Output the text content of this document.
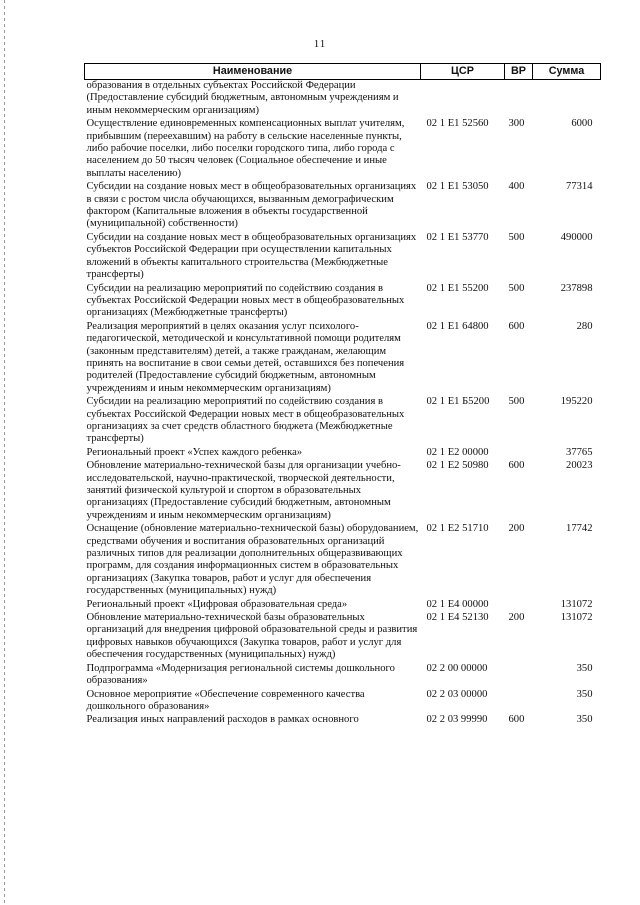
11
Наименование	ЦСР	ВР	Сумма
образования в отдельных субъектах Российской Федерации (Предоставление субсидий бюджетным, автономным учреждениям и иным некоммерческим организациям)			
Осуществление единовременных компенсационных выплат учителям, прибывшим (переехавшим) на работу в сельские населенные пункты, либо рабочие поселки, либо поселки городского типа, либо города с населением до 50 тысяч человек (Социальное обеспечение и иные выплаты населению)	02 1 E1 52560	300	6000
Субсидии на создание новых мест в общеобразовательных организациях в связи с ростом числа обучающихся, вызванным демографическим фактором (Капитальные вложения в объекты государственной (муниципальной) собственности)	02 1 E1 53050	400	77314
Субсидии на создание новых мест в общеобразовательных организациях субъектов Российской Федерации при осуществлении капитальных вложений в объекты капитального строительства (Межбюджетные трансферты)	02 1 E1 53770	500	490000
Субсидии на реализацию мероприятий по содействию создания в субъектах Российской Федерации новых мест в общеобразовательных организациях (Межбюджетные трансферты)	02 1 E1 55200	500	237898
Реализация мероприятий в целях оказания услуг психолого-педагогической, методической и консультативной помощи родителям (законным представителям) детей, а также гражданам, желающим принять на воспитание в свои семьи детей, оставшихся без попечения родителей (Предоставление субсидий бюджетным, автономным учреждениям и иным некоммерческим организациям)	02 1 E1 64800	600	280
Субсидии на реализацию мероприятий по содействию создания в субъектах Российской Федерации новых мест в общеобразовательных организациях за счет средств областного бюджета (Межбюджетные трансферты)	02 1 E1 Б5200	500	195220
Региональный проект «Успех каждого ребенка»	02 1 E2 00000		37765
Обновление материально-технической базы для организации учебно-исследовательской, научно-практической, творческой деятельности, занятий физической культурой и спортом в образовательных организациях (Предоставление субсидий бюджетным, автономным учреждениям и иным некоммерческим организациям)	02 1 E2 50980	600	20023
Оснащение (обновление материально-технической базы) оборудованием, средствами обучения и воспитания образовательных организаций различных типов для реализации дополнительных общеразвивающих программ, для создания информационных систем в образовательных организациях (Закупка товаров, работ и услуг для обеспечения государственных (муниципальных) нужд)	02 1 E2 51710	200	17742
Региональный проект «Цифровая образовательная среда»	02 1 E4 00000		131072
Обновление материально-технической базы образовательных организаций для внедрения цифровой образовательной среды и развития цифровых навыков обучающихся (Закупка товаров, работ и услуг для обеспечения государственных (муниципальных) нужд)	02 1 E4 52130	200	131072
Подпрограмма «Модернизация региональной системы дошкольного образования»	02 2 00 00000		350
Основное мероприятие «Обеспечение современного качества дошкольного образования»	02 2 03 00000		350
Реализация иных направлений расходов в рамках основного	02 2 03 99990	600	350
